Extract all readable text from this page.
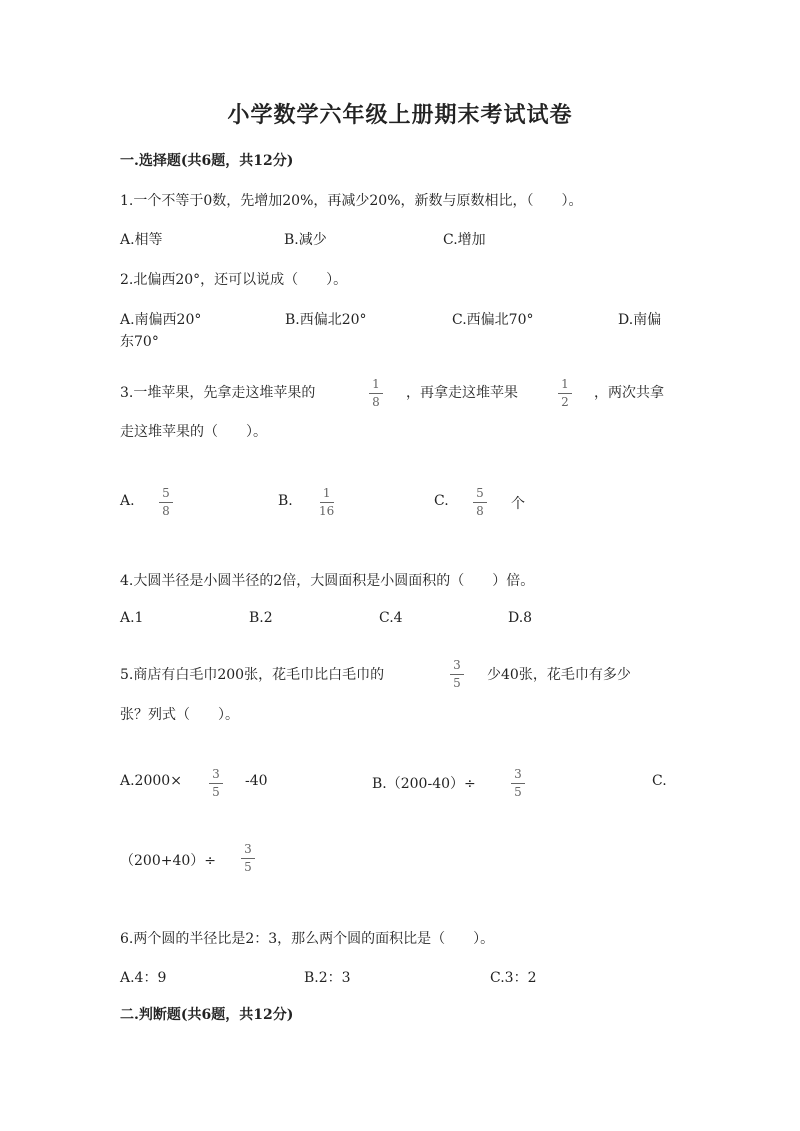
小学数学六年级上册期末考试试卷
一.选择题(共6题，共12分)
1.一个不等于0数，先增加20%，再减少20%，新数与原数相比，（　　）。
A.相等	B.减少	C.增加
2.北偏西20°，还可以说成（　　）。
A.南偏西20°	B.西偏北20°	C.西偏北70°	D.南偏
东70°
3.一堆苹果，先拿走这堆苹果的
1
8
，再拿走这堆苹果
1
2
，两次共拿
走这堆苹果的（　　）。
A. 5
8
B.	1
16
C. 5
8 个
4.大圆半径是小圆半径的2倍，大圆面积是小圆面积的（　　）倍。
A.1	B.2	C.4	D.8
5.商店有白毛巾200张，花毛巾比白毛巾的
3
5 少40张，花毛巾有多少
张？列式（　　）。
A.2000×	3
5
-40	B.（200-40）÷
3
5
C.
（200+40）÷
3
5
6.两个圆的半径比是2：3，那么两个圆的面积比是（　　）。
A.4：9	B.2：3	C.3：2
二.判断题(共6题，共12分)
